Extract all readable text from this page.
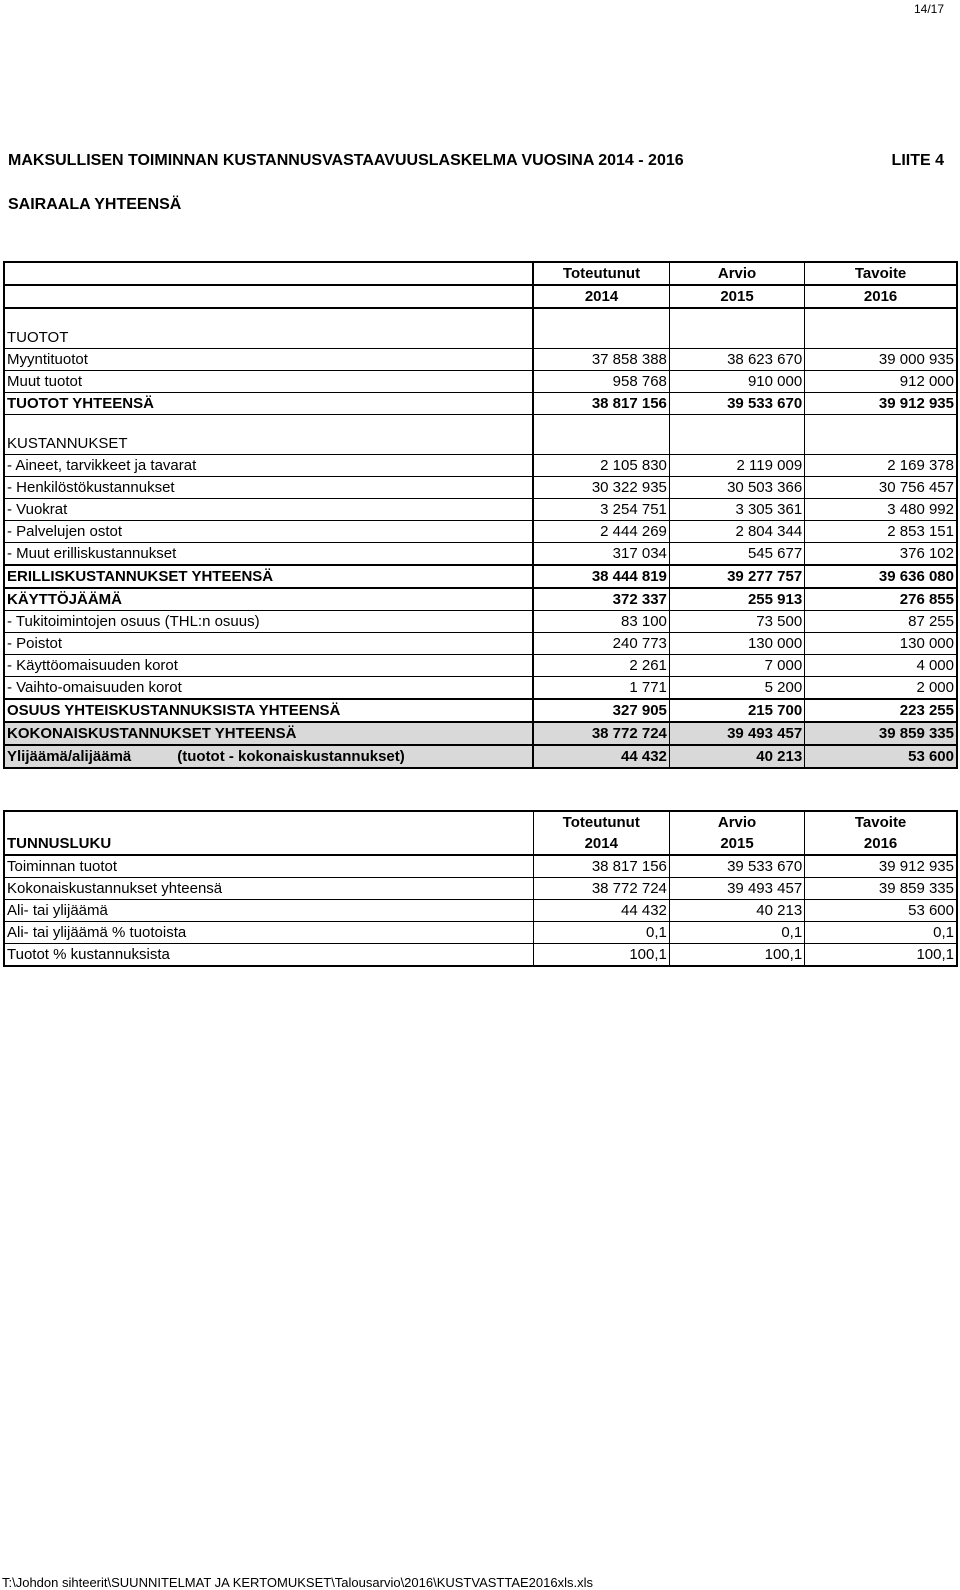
14/17
MAKSULLISEN TOIMINNAN KUSTANNUSVASTAAVUUSLASKELMA VUOSINA 2014 - 2016	LIITE 4
SAIRAALA YHTEENSÄ
	Toteutunut	Arvio	Tavoite
	2014	2015	2016

TUOTOT			
Myyntituotot	37 858 388	38 623 670	39 000 935
Muut tuotot	958 768	910 000	912 000
TUOTOT YHTEENSÄ	38 817 156	39 533 670	39 912 935

KUSTANNUKSET			
- Aineet, tarvikkeet ja tavarat	2 105 830	2 119 009	2 169 378
- Henkilöstökustannukset	30 322 935	30 503 366	30 756 457
- Vuokrat	3 254 751	3 305 361	3 480 992
- Palvelujen ostot	2 444 269	2 804 344	2 853 151
- Muut erilliskustannukset	317 034	545 677	376 102
ERILLISKUSTANNUKSET YHTEENSÄ	38 444 819	39 277 757	39 636 080
KÄYTTÖJÄÄMÄ	372 337	255 913	276 855
- Tukitoimintojen osuus (THL:n osuus)	83 100	73 500	87 255
- Poistot	240 773	130 000	130 000
- Käyttöomaisuuden korot	2 261	7 000	4 000
- Vaihto-omaisuuden korot	1 771	5 200	2 000
OSUUS YHTEISKUSTANNUKSISTA YHTEENSÄ	327 905	215 700	223 255
KOKONAISKUSTANNUKSET YHTEENSÄ	38 772 724	39 493 457	39 859 335
Ylijäämä/alijäämä (tuotot - kokonaiskustannukset)	44 432	40 213	53 600
	Toteutunut	Arvio	Tavoite
TUNNUSLUKU	2014	2015	2016
Toiminnan tuotot	38 817 156	39 533 670	39 912 935
Kokonaiskustannukset yhteensä	38 772 724	39 493 457	39 859 335
Ali- tai ylijäämä	44 432	40 213	53 600
Ali- tai ylijäämä % tuotoista	0,1	0,1	0,1
Tuotot % kustannuksista	100,1	100,1	100,1
T:\Johdon sihteerit\SUUNNITELMAT JA KERTOMUKSET\Talousarvio\2016\KUSTVASTTAE2016xls.xls
